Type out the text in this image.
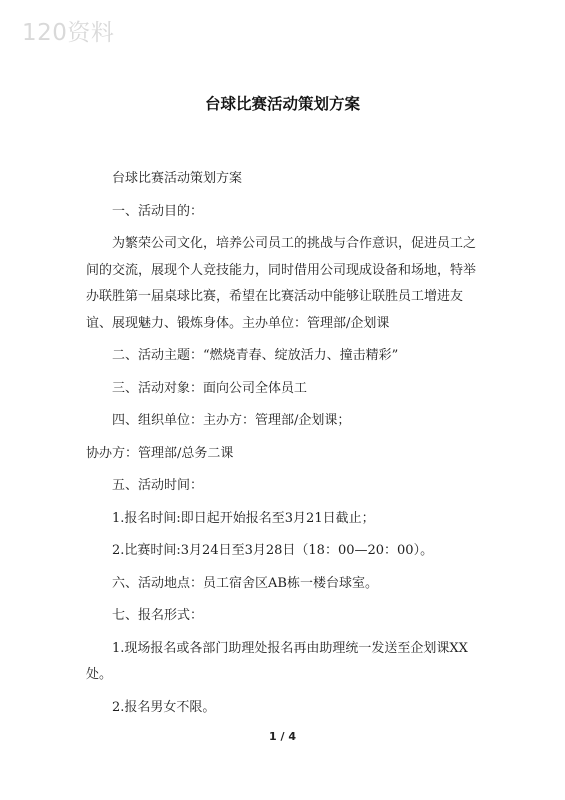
120资料
台球比赛活动策划方案

台球比赛活动策划方案

一、活动目的：

为繁荣公司文化，培养公司员工的挑战与合作意识，促进员工之间的交流，展现个人竞技能力，同时借用公司现成设备和场地，特举办联胜第一届桌球比赛，希望在比赛活动中能够让联胜员工增进友谊、展现魅力、锻炼身体。主办单位：管理部/企划课

二、活动主题：“燃烧青春、绽放活力、撞击精彩”

三、活动对象：面向公司全体员工

四、组织单位：主办方：管理部/企划课；

协办方：管理部/总务二课

五、活动时间：

1.报名时间:即日起开始报名至3月21日截止；

2.比赛时间:3月24日至3月28日（18：00—20：00）。

六、活动地点：员工宿舍区AB栋一楼台球室。

七、报名形式：

1.现场报名或各部门助理处报名再由助理统一发送至企划课XX处。

2.报名男女不限。

1 / 4
